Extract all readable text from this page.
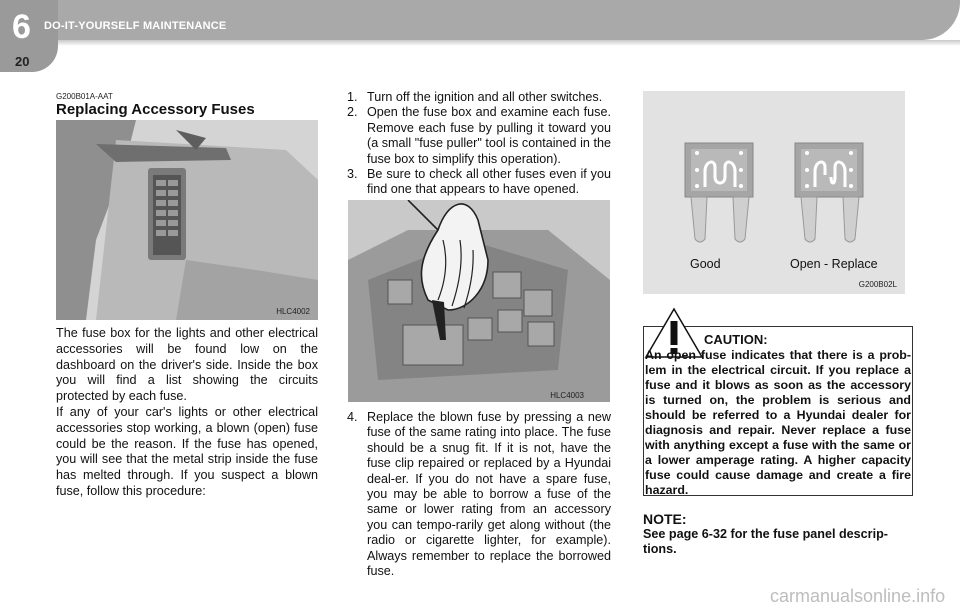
6 DO-IT-YOURSELF MAINTENANCE
20
G200B01A-AAT
Replacing Accessory Fuses
HLC4002
The fuse box for the lights and other electrical accessories will be found low on the dashboard on the driver's side. Inside the box you will find a list showing the circuits protected by each fuse.
If any of your car's lights or other electrical accessories stop working, a blown (open) fuse could be the reason. If the fuse has opened, you will see that the metal strip inside the fuse has melted through. If you suspect a blown fuse, follow this procedure:
1. Turn off the ignition and all other switches.
2. Open the fuse box and examine each fuse. Remove each fuse by pulling it toward you (a small "fuse puller" tool is contained in the fuse box to simplify this operation).
3. Be sure to check all other fuses even if you find one that appears to have opened.
HLC4003
4. Replace the blown fuse by pressing a new fuse of the same rating into place. The fuse should be a snug fit. If it is not, have the fuse clip repaired or replaced by a Hyundai deal-er. If you do not have a spare fuse, you may be able to borrow a fuse of the same or lower rating from an accessory you can tempo-rarily get along without (the radio or cigarette lighter, for example). Always remember to replace the borrowed fuse.
Good	Open - Replace
G200B02L
CAUTION:
An open fuse indicates that there is a prob-lem in the electrical circuit. If you replace a fuse and it blows as soon as the accessory is turned on, the problem is serious and should be referred to a Hyundai dealer for diagnosis and repair. Never replace a fuse with anything except a fuse with the same or a lower amperage rating. A higher capacity fuse could cause damage and create a fire hazard.
NOTE:
See page 6-32 for the fuse panel descrip-tions.
carmanualsonline.info
